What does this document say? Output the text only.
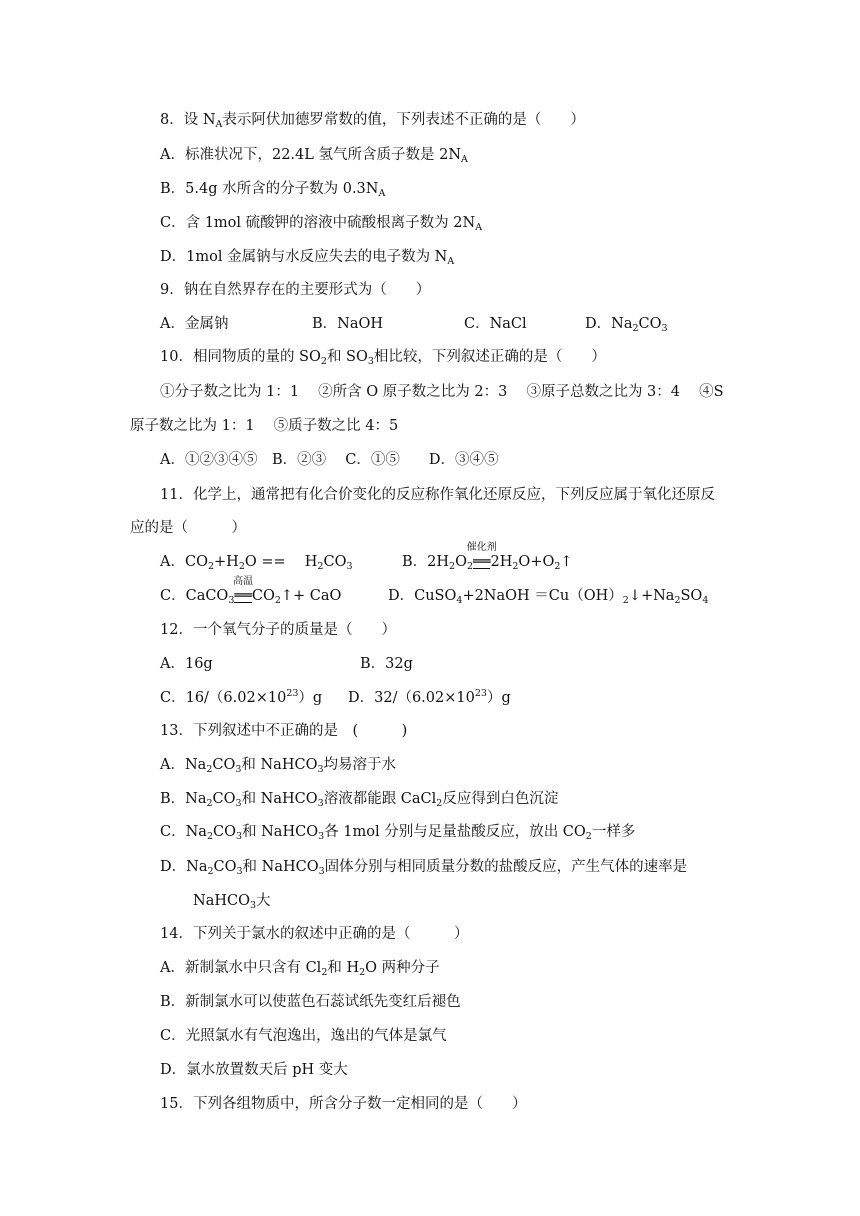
8．设 $N_A$表示阿伏加德罗常数的值，下列表述不正确的是（　　）
A．标准状况下，22.4L 氢气所含质子数是 $2N_A$
B．5.4g 水所含的分子数为 $0.3N_A$
C．含 1mol 硫酸钾的溶液中硫酸根离子数为 $2N_A$
D．1mol 金属钠与水反应失去的电子数为 $N_A$
9．钠在自然界存在的主要形式为（　　）
A．金属钠	B．NaOH	C．NaCl	D．$Na_2CO_3$
10．相同物质的量的 $SO_2$和 $SO_3$相比较，下列叙述正确的是（　　）
①分子数之比为 1：1　 ②所含 O 原子数之比为 2：3　 ③原子总数之比为 3：4　 ④S
原子数之比为 1：1　 ⑤质子数之比 4：5
A．①②③④⑤　B．②③　 C．①⑤　　D．③④⑤
11．化学上，通常把有化合价变化的反应称作氧化还原反应，下列反应属于氧化还原反
应的是（　　　）
A．$CO_2+H_2O$ ==　 $H_2CO_3$	B．$2H_2O_2$
催化剂
$══2H_2O+O_2↑$
C．CaCO$_3$
高温
$══CO_2↑+$ CaO	D．CuSO$_4$+2NaOH $=Cu(OH)_2↓+Na_2SO_4$
12．一个氧气分子的质量是（　　）
A．16g	B．32g
C．$16/(6.02\times 10^{23})g$ D．$32/(6.02\times 10^{23})g$
13．下列叙述中不正确的是　(　　　)
A．$Na_2CO_3$和 NaHCO$_3$均易溶于水
B．$Na_2CO_3$和 NaHCO$_3$溶液都能跟 CaCl$_2$反应得到白色沉淀
C．$Na_2CO_3$和 NaHCO$_3$各 1mol 分别与足量盐酸反应，放出 $CO_2$一样多
D．$Na_2CO_3$和 NaHCO$_3$固体分别与相同质量分数的盐酸反应，产生气体的速率是
NaHCO$_3$大
14．下列关于氯水的叙述中正确的是（　　　）
A．新制氯水中只含有 $Cl_2$和 $H_2O$ 两种分子
B．新制氯水可以使蓝色石蕊试纸先变红后褪色
C．光照氯水有气泡逸出，逸出的气体是氯气
D．氯水放置数天后 pH 变大
15．下列各组物质中，所含分子数一定相同的是（　　）
